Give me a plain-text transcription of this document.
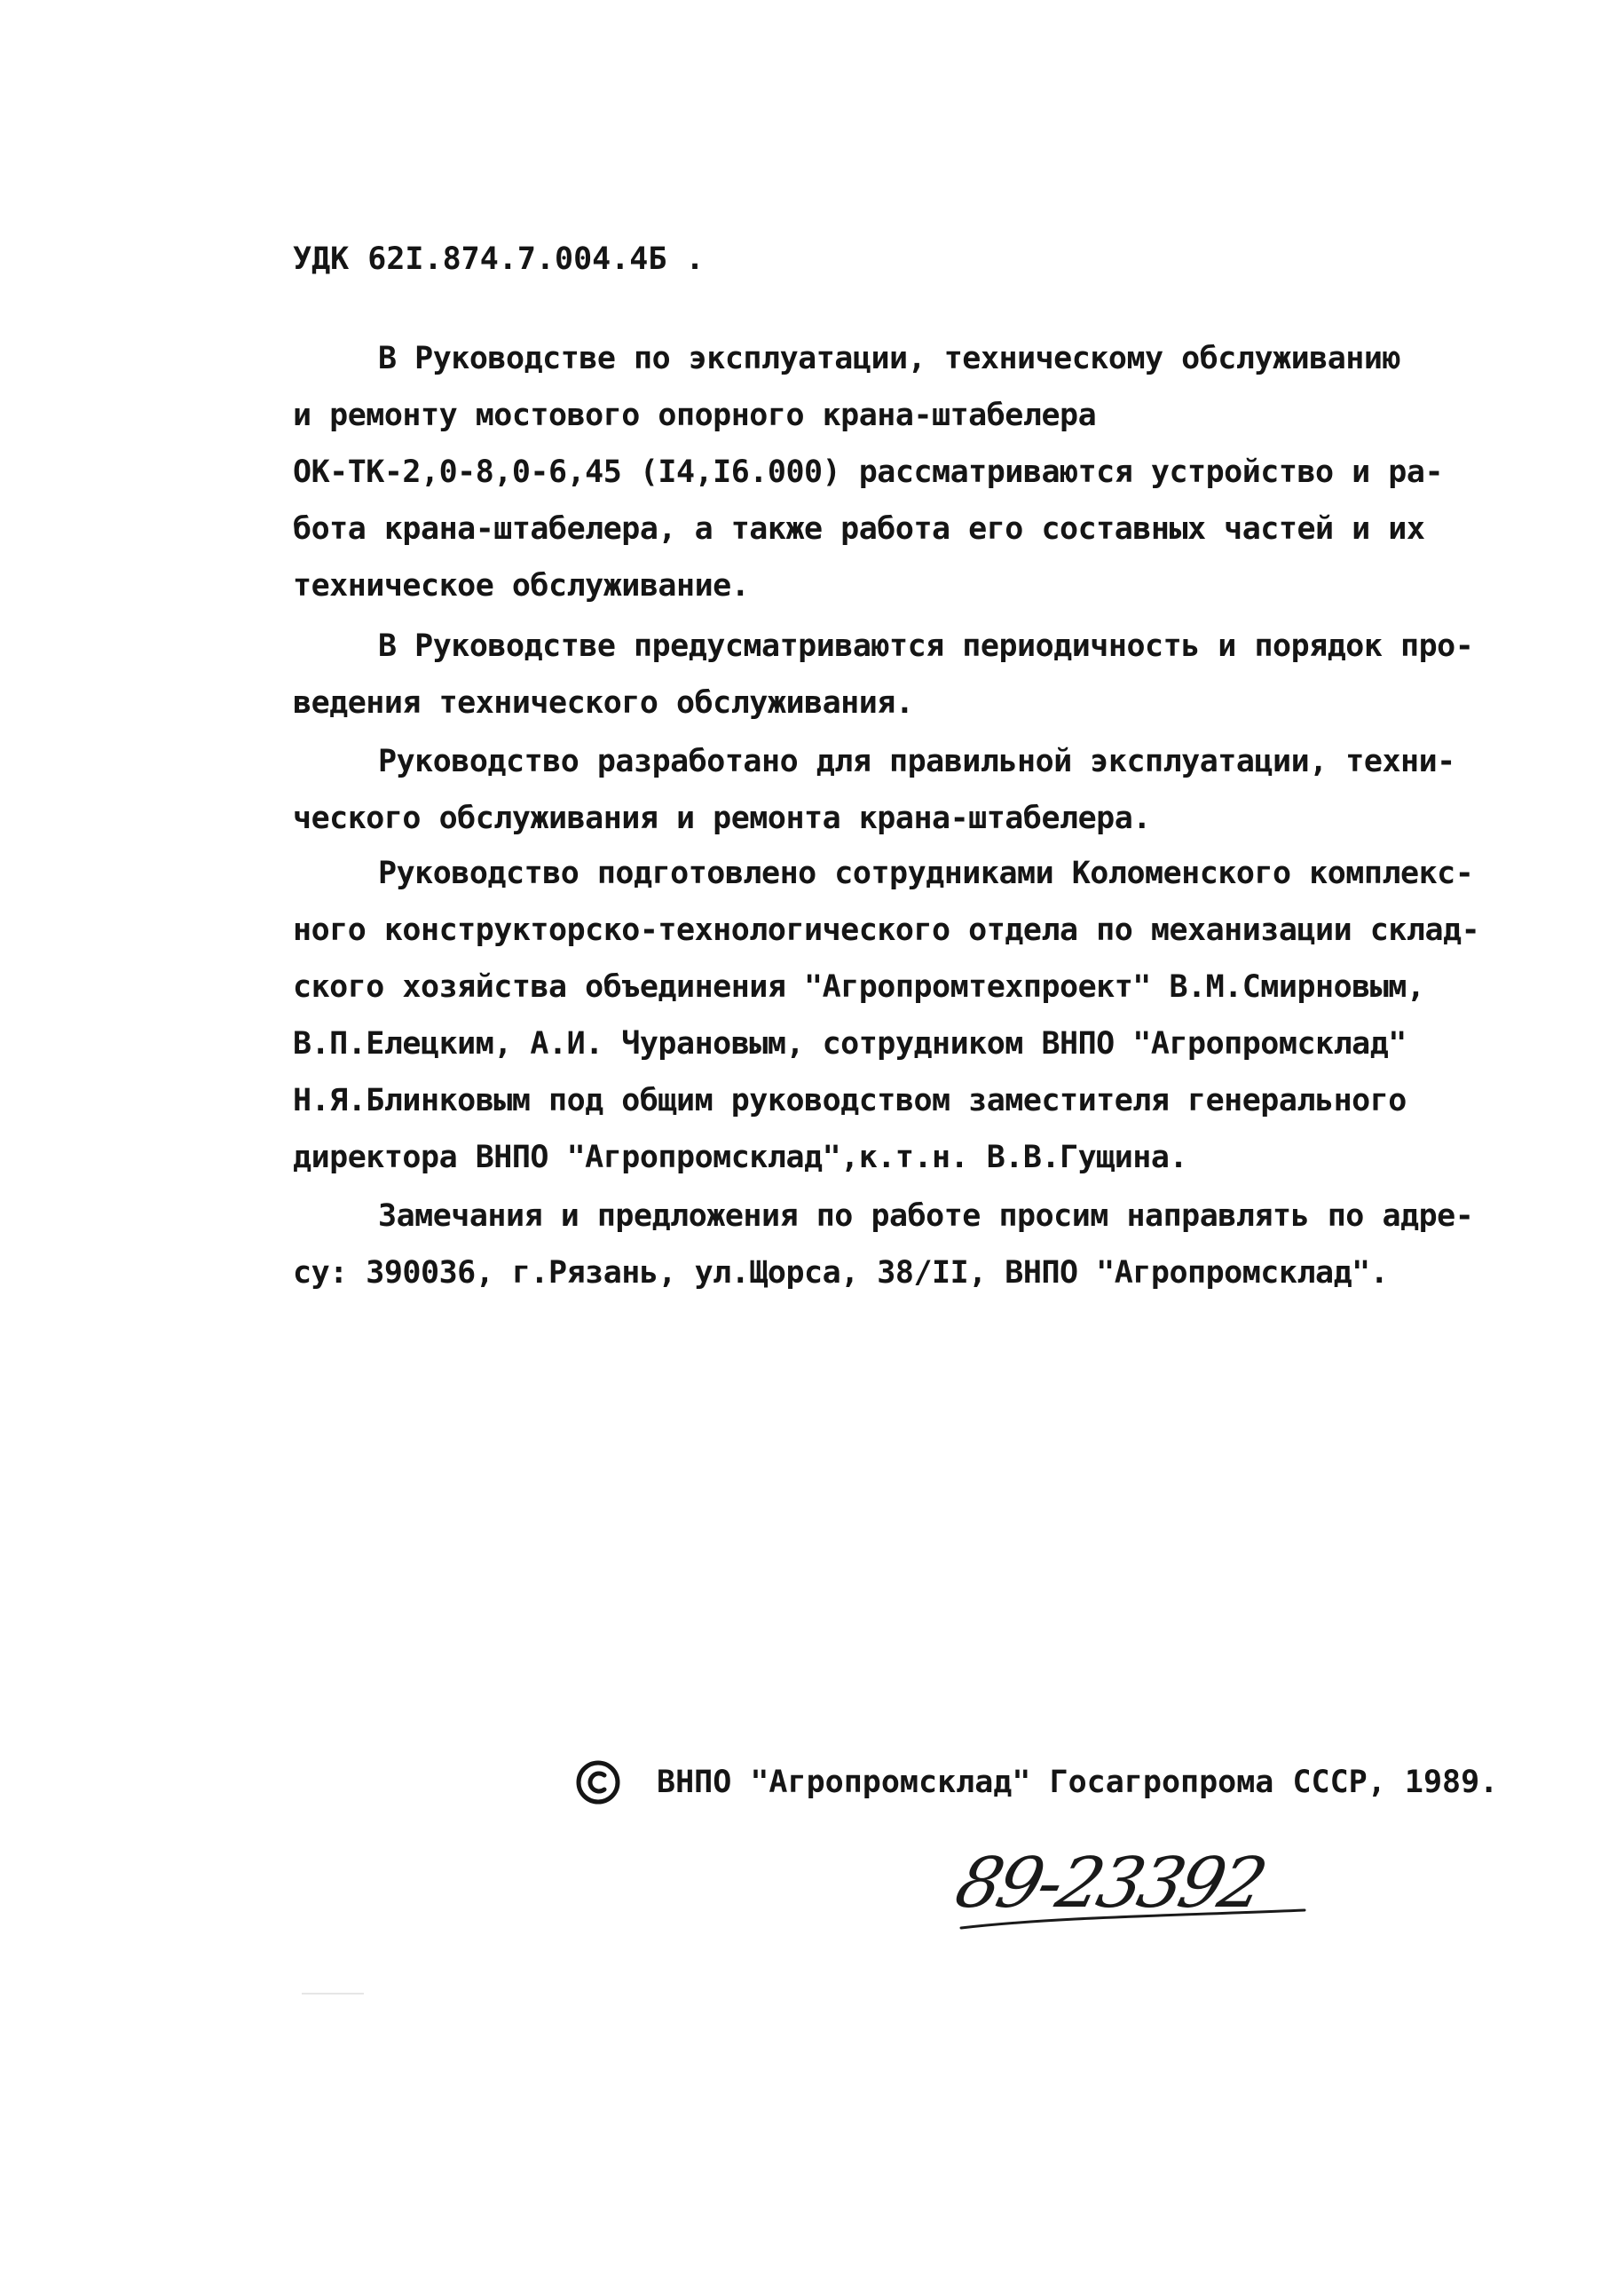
УДК 62I.874.7.004.4Б .
В Руководстве по эксплуатации, техническому обслуживанию
и ремонту мостового опорного крана-штабелера
ОК-ТК-2,0-8,0-6,45 (I4,I6.000) рассматриваются устройство и ра-
бота крана-штабелера, а также работа его составных частей и их
техническое обслуживание.
В Руководстве предусматриваются периодичность и порядок про-
ведения технического обслуживания.
Руководство разработано для правильной эксплуатации, техни-
ческого обслуживания и ремонта крана-штабелера.
Руководство подготовлено сотрудниками Коломенского комплекс-
ного конструкторско-технологического отдела по механизации склад-
ского хозяйства объединения "Агропромтехпроект" В.М.Смирновым,
В.П.Елецким, А.И. Чурановым, сотрудником ВНПО "Агропромсклад"
Н.Я.Блинковым под общим руководством заместителя генерального
директора ВНПО "Агропромсклад",к.т.н. В.В.Гущина.
Замечания и предложения по работе просим направлять по адре-
су: 390036, г.Рязань, ул.Щорса, 38/II, ВНПО "Агропромсклад".
ВНПО "Агропромсклад" Госагропрома СССР, 1989.
89-23392
